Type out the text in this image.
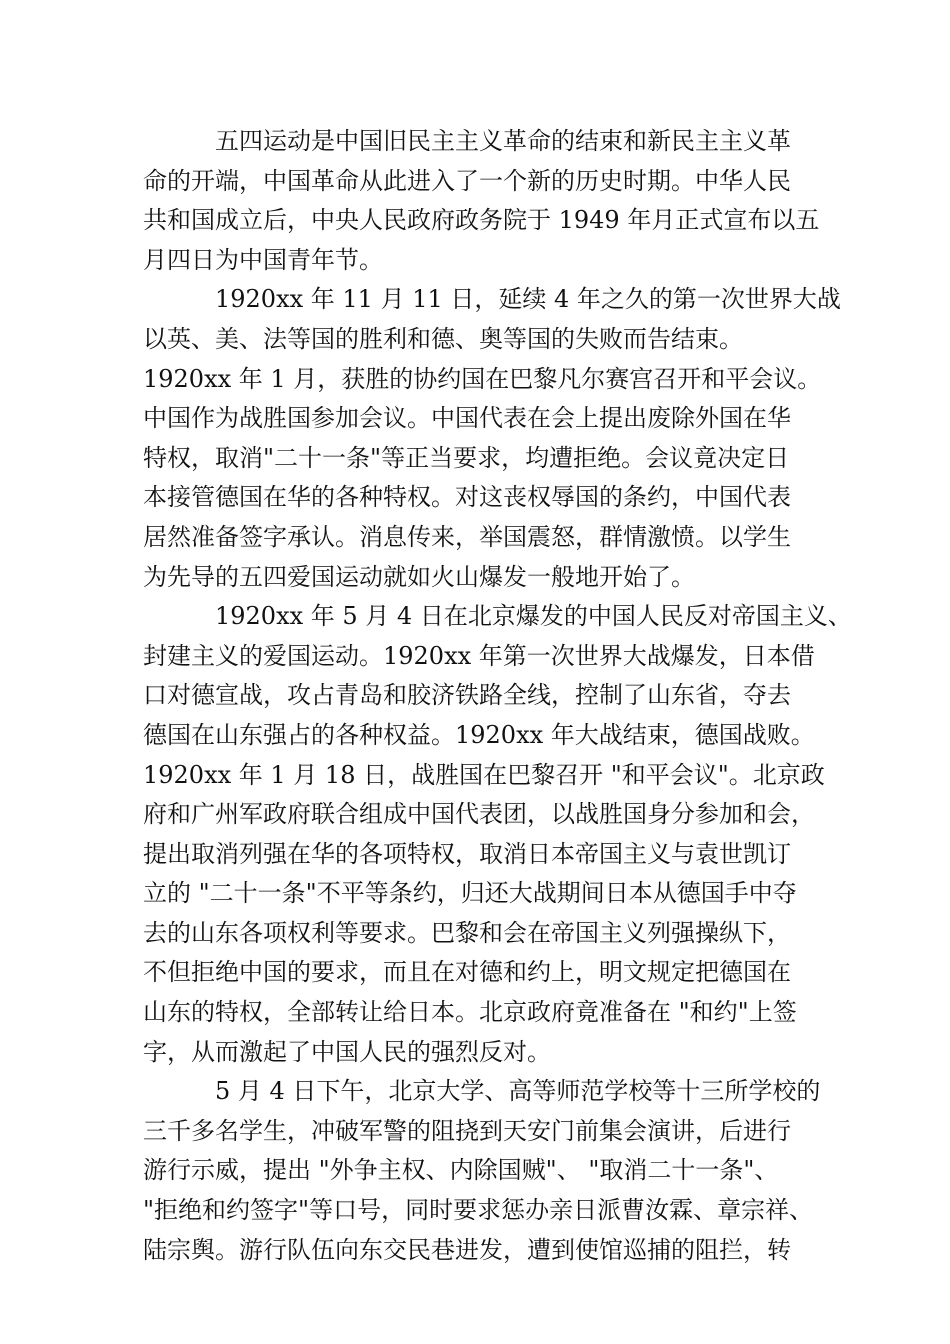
五四运动是中国旧民主主义革命的结束和新民主主义革
命的开端，中国革命从此进入了一个新的历史时期。中华人民
共和国成立后，中央人民政府政务院于 1949 年月正式宣布以五
月四日为中国青年节。
1920xx 年 11 月 11 日，延续 4 年之久的第一次世界大战
以英、美、法等国的胜利和德、奥等国的失败而告结束。
1920xx 年 1 月，获胜的协约国在巴黎凡尔赛宫召开和平会议。
中国作为战胜国参加会议。中国代表在会上提出废除外国在华
特权，取消"二十一条"等正当要求，均遭拒绝。会议竟决定日
本接管德国在华的各种特权。对这丧权辱国的条约，中国代表
居然准备签字承认。消息传来，举国震怒，群情激愤。以学生
为先导的五四爱国运动就如火山爆发一般地开始了。
1920xx 年 5 月 4 日在北京爆发的中国人民反对帝国主义、
封建主义的爱国运动。1920xx 年第一次世界大战爆发，日本借
口对德宣战，攻占青岛和胶济铁路全线，控制了山东省，夺去
德国在山东强占的各种权益。1920xx 年大战结束，德国战败。
1920xx 年 1 月 18 日，战胜国在巴黎召开 "和平会议"。北京政
府和广州军政府联合组成中国代表团，以战胜国身分参加和会，
提出取消列强在华的各项特权，取消日本帝国主义与袁世凯订
立的 "二十一条"不平等条约，归还大战期间日本从德国手中夺
去的山东各项权利等要求。巴黎和会在帝国主义列强操纵下，
不但拒绝中国的要求，而且在对德和约上，明文规定把德国在
山东的特权，全部转让给日本。北京政府竟准备在 "和约"上签
字，从而激起了中国人民的强烈反对。
5 月 4 日下午，北京大学、高等师范学校等十三所学校的
三千多名学生，冲破军警的阻挠到天安门前集会演讲，后进行
游行示威，提出 "外争主权、内除国贼"、 "取消二十一条"、
"拒绝和约签字"等口号，同时要求惩办亲日派曹汝霖、章宗祥、
陆宗舆。游行队伍向东交民巷进发，遭到使馆巡捕的阻拦，转
